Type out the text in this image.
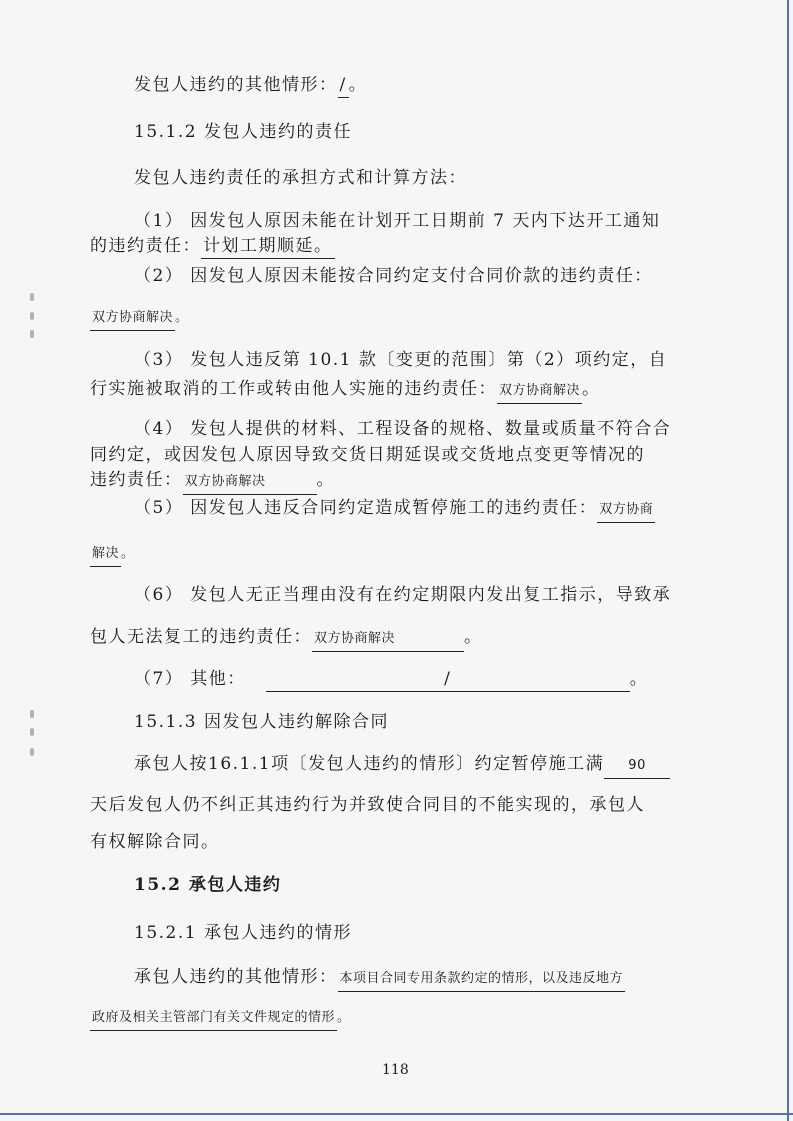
发包人违约的其他情形： / 。
15.1.2 发包人违约的责任
发包人违约责任的承担方式和计算方法：
（1） 因发包人原因未能在计划开工日期前 7 天内下达开工通知
的违约责任： 计划工期顺延。
（2） 因发包人原因未能按合同约定支付合同价款的违约责任：
双方协商解决 。
（3） 发包人违反第 10.1 款〔变更的范围〕第（2）项约定，自
行实施被取消的工作或转由他人实施的违约责任： 双方协商解决 。
（4） 发包人提供的材料、工程设备的规格、数量或质量不符合合
同约定，或因发包人原因导致交货日期延误或交货地点变更等情况的
违约责任： 双方协商解决	。
（5） 因发包人违反合同约定造成暂停施工的违约责任： 双方协商
解决 。
（6） 发包人无正当理由没有在约定期限内发出复工指示，导致承
包人无法复工的违约责任： 双方协商解决	。
（7） 其他：	/	。
15.1.3 因发包人违约解除合同
承包人按16.1.1项〔发包人违约的情形〕约定暂停施工满 90
天后发包人仍不纠正其违约行为并致使合同目的不能实现的，承包人
有权解除合同。
15.2 承包人违约
15.2.1 承包人违约的情形
承包人违约的其他情形： 本项目合同专用条款约定的情形，以及违反地方
政府及相关主管部门有关文件规定的情形 。
118
